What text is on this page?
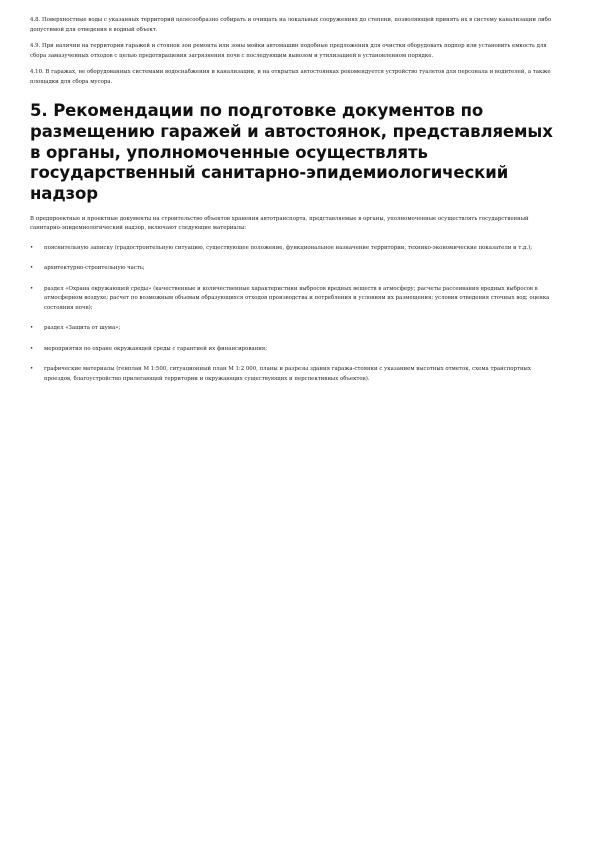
4.8. Поверхностные воды с указанных территорий целесообразно собирать и очищать на локальных сооружениях до степени, позволяющей принять их в систему канализации либо допустимой для отведения в водный объект.

4.9. При наличии на территории гаражей и стоянок зон ремонта или зоны мойки автомашин подобные предложения для очистки оборудовать подпор или установить емкость для сбора замазученных отходов с целью предотвращения загрязнения почв с последующим вывозом и утилизацией в установленном порядке.

4.10. В гаражах, не оборудованных системами водоснабжения и канализации, и на открытых автостоянках рекомендуется устройство туалетов для персонала и водителей, а также площадки для сбора мусора.

5. Рекомендации по подготовке документов по размещению гаражей и автостоянок, представляемых в органы, уполномоченные осуществлять государственный санитарно-эпидемиологический надзор

В предпроектные и проектные документы на строительство объектов хранения автотранспорта, представляемые в органы, уполномоченные осуществлять государственный санитарно-эпидемиологический надзор, включают следующие материалы:

• пояснительную записку (градостроительную ситуацию, существующее положение, функциональное назначение территории, технико-экономические показатели и т.д.);
• архитектурно-строительную часть;
• раздел «Охрана окружающей среды» (качественные и количественные характеристики выбросов вредных веществ в атмосферу; расчеты рассеивания вредных выбросов в атмосферном воздухе; расчет по возможным объемам образующихся отходов производства и потребления и условиям их размещения; условия отведения сточных вод; оценка состояния почв);
• раздел «Защита от шума»;
• мероприятия по охране окружающей среды с гарантией их финансирования;
• графические материалы (генплан М 1:500, ситуационный план М 1:2 000, планы и разрезы здания гаража-стоянки с указанием высотных отметок, схема транспортных проездов, благоустройство прилегающей территории и окружающих существующих и перспективных объектов).
